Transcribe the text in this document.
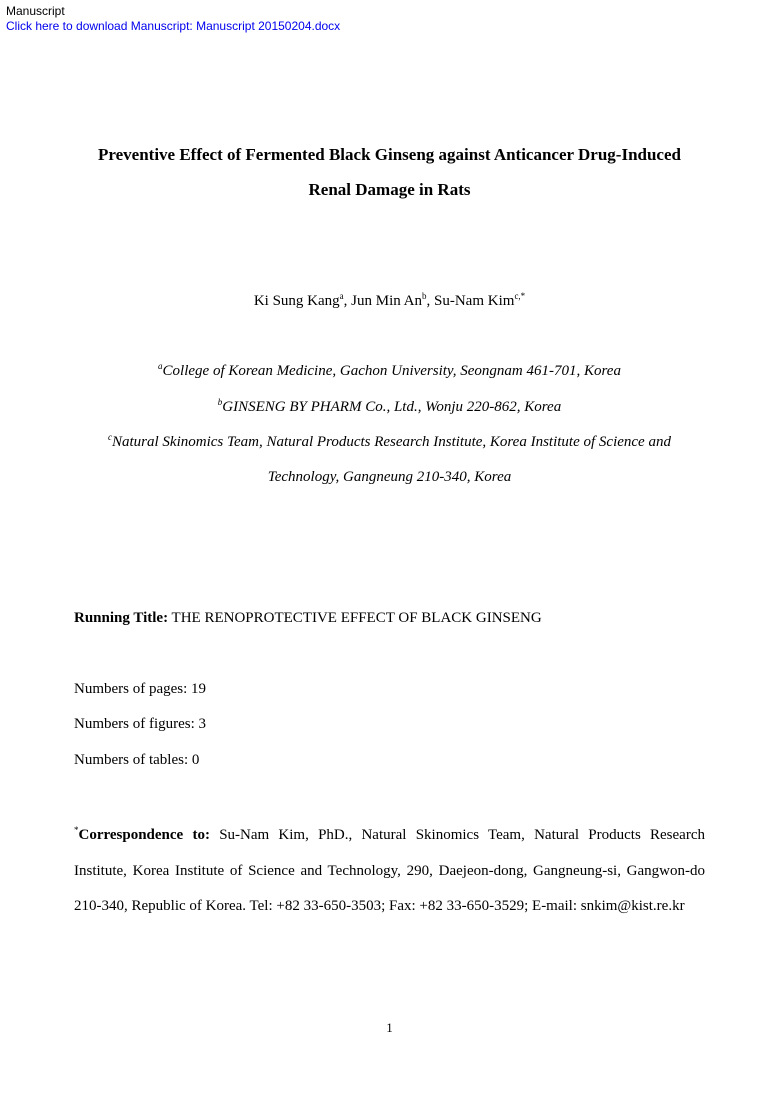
Manuscript
Click here to download Manuscript: Manuscript 20150204.docx
Preventive Effect of Fermented Black Ginseng against Anticancer Drug-Induced
Renal Damage in Rats
Ki Sung Kang$^a$, Jun Min An$^b$, Su-Nam Kim$^{c,*}$
$^a$College of Korean Medicine, Gachon University, Seongnam 461-701, Korea
$^b$GINSENG BY PHARM Co., Ltd., Wonju 220-862, Korea
$^c$Natural Skinomics Team, Natural Products Research Institute, Korea Institute of Science and
Technology, Gangneung 210-340, Korea
Running Title: THE RENOPROTECTIVE EFFECT OF BLACK GINSENG
Numbers of pages: 19
Numbers of figures: 3
Numbers of tables: 0
*Correspondence to: Su-Nam Kim, PhD., Natural Skinomics Team, Natural Products Research Institute, Korea Institute of Science and Technology, 290, Daejeon-dong, Gangneung-si, Gangwon-do 210-340, Republic of Korea. Tel: +82 33-650-3503; Fax: +82 33-650-3529; E-mail: snkim@kist.re.kr
1
